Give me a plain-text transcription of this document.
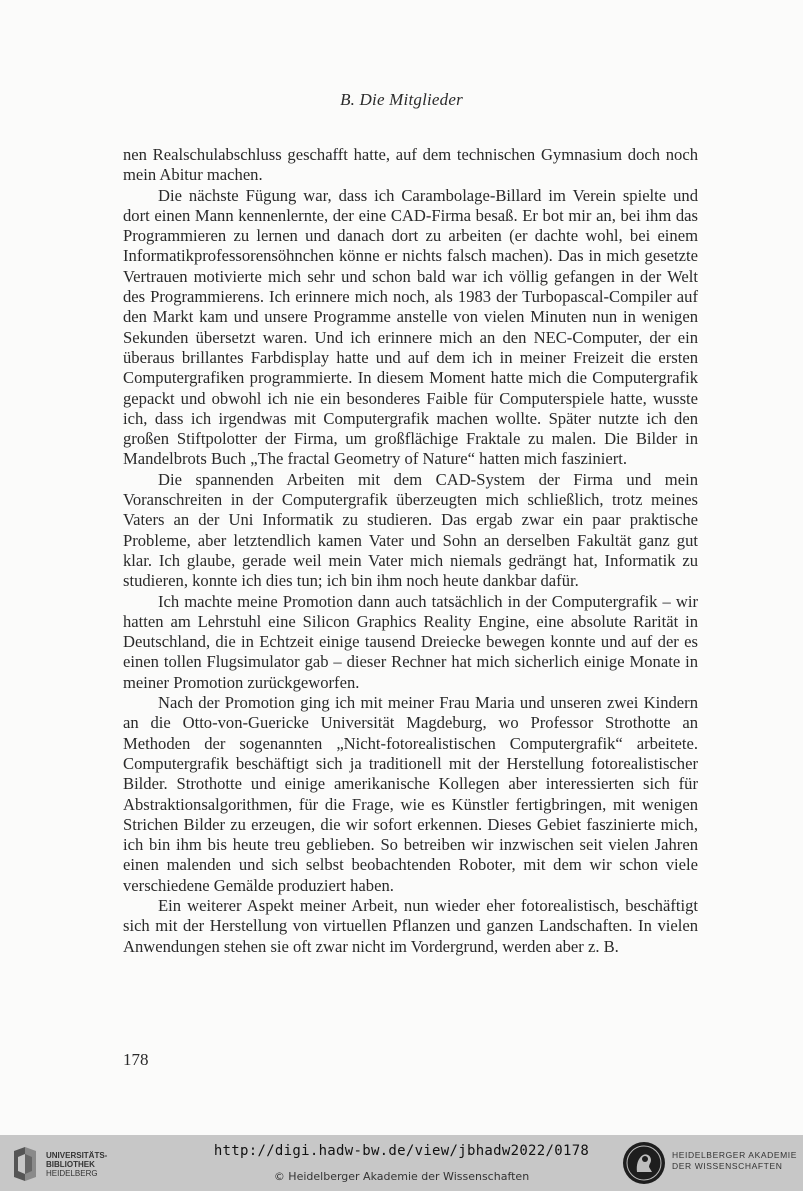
B. Die Mitglieder

nen Realschulabschluss geschafft hatte, auf dem technischen Gymnasium doch noch mein Abitur machen.

Die nächste Fügung war, dass ich Carambolage-Billard im Verein spielte und dort einen Mann kennenlernte, der eine CAD-Firma besaß. Er bot mir an, bei ihm das Programmieren zu lernen und danach dort zu arbeiten (er dachte wohl, bei einem Informatikprofessorensöhnchen könne er nichts falsch machen). Das in mich gesetzte Vertrauen motivierte mich sehr und schon bald war ich völlig gefangen in der Welt des Programmierens. Ich erinnere mich noch, als 1983 der Turbopascal-Compiler auf den Markt kam und unsere Programme anstelle von vielen Minuten nun in wenigen Sekunden übersetzt waren. Und ich erinnere mich an den NEC-Computer, der ein überaus brillantes Farbdisplay hatte und auf dem ich in meiner Freizeit die ersten Computergrafiken programmierte. In diesem Moment hatte mich die Computergrafik gepackt und obwohl ich nie ein besonderes Faible für Computerspiele hatte, wusste ich, dass ich irgendwas mit Computergrafik machen wollte. Später nutzte ich den großen Stiftpolotter der Firma, um großflächige Fraktale zu malen. Die Bilder in Mandelbrots Buch „The fractal Geometry of Nature“ hatten mich fasziniert.

Die spannenden Arbeiten mit dem CAD-System der Firma und mein Voranschreiten in der Computergrafik überzeugten mich schließlich, trotz meines Vaters an der Uni Informatik zu studieren. Das ergab zwar ein paar praktische Probleme, aber letztendlich kamen Vater und Sohn an derselben Fakultät ganz gut klar. Ich glaube, gerade weil mein Vater mich niemals gedrängt hat, Informatik zu studieren, konnte ich dies tun; ich bin ihm noch heute dankbar dafür.

Ich machte meine Promotion dann auch tatsächlich in der Computergrafik – wir hatten am Lehrstuhl eine Silicon Graphics Reality Engine, eine absolute Rarität in Deutschland, die in Echtzeit einige tausend Dreiecke bewegen konnte und auf der es einen tollen Flugsimulator gab – dieser Rechner hat mich sicherlich einige Monate in meiner Promotion zurückgeworfen.

Nach der Promotion ging ich mit meiner Frau Maria und unseren zwei Kindern an die Otto-von-Guericke Universität Magdeburg, wo Professor Strothotte an Methoden der sogenannten „Nicht-fotorealistischen Computergrafik“ arbeitete. Computergrafik beschäftigt sich ja traditionell mit der Herstellung fotorealistischer Bilder. Strothotte und einige amerikanische Kollegen aber interessierten sich für Abstraktionsalgorithmen, für die Frage, wie es Künstler fertigbringen, mit wenigen Strichen Bilder zu erzeugen, die wir sofort erkennen. Dieses Gebiet faszinierte mich, ich bin ihm bis heute treu geblieben. So betreiben wir inzwischen seit vielen Jahren einen malenden und sich selbst beobachtenden Roboter, mit dem wir schon viele verschiedene Gemälde produziert haben.

Ein weiterer Aspekt meiner Arbeit, nun wieder eher fotorealistisch, beschäftigt sich mit der Herstellung von virtuellen Pflanzen und ganzen Landschaften. In vielen Anwendungen stehen sie oft zwar nicht im Vordergrund, werden aber z. B.

178
UNIVERSITÄTS-
BIBLIOTHEK
HEIDELBERG
http://digi.hadw-bw.de/view/jbhadw2022/0178
© Heidelberger Akademie der Wissenschaften
HEIDELBERGER AKADEMIE
DER WISSENSCHAFTEN
